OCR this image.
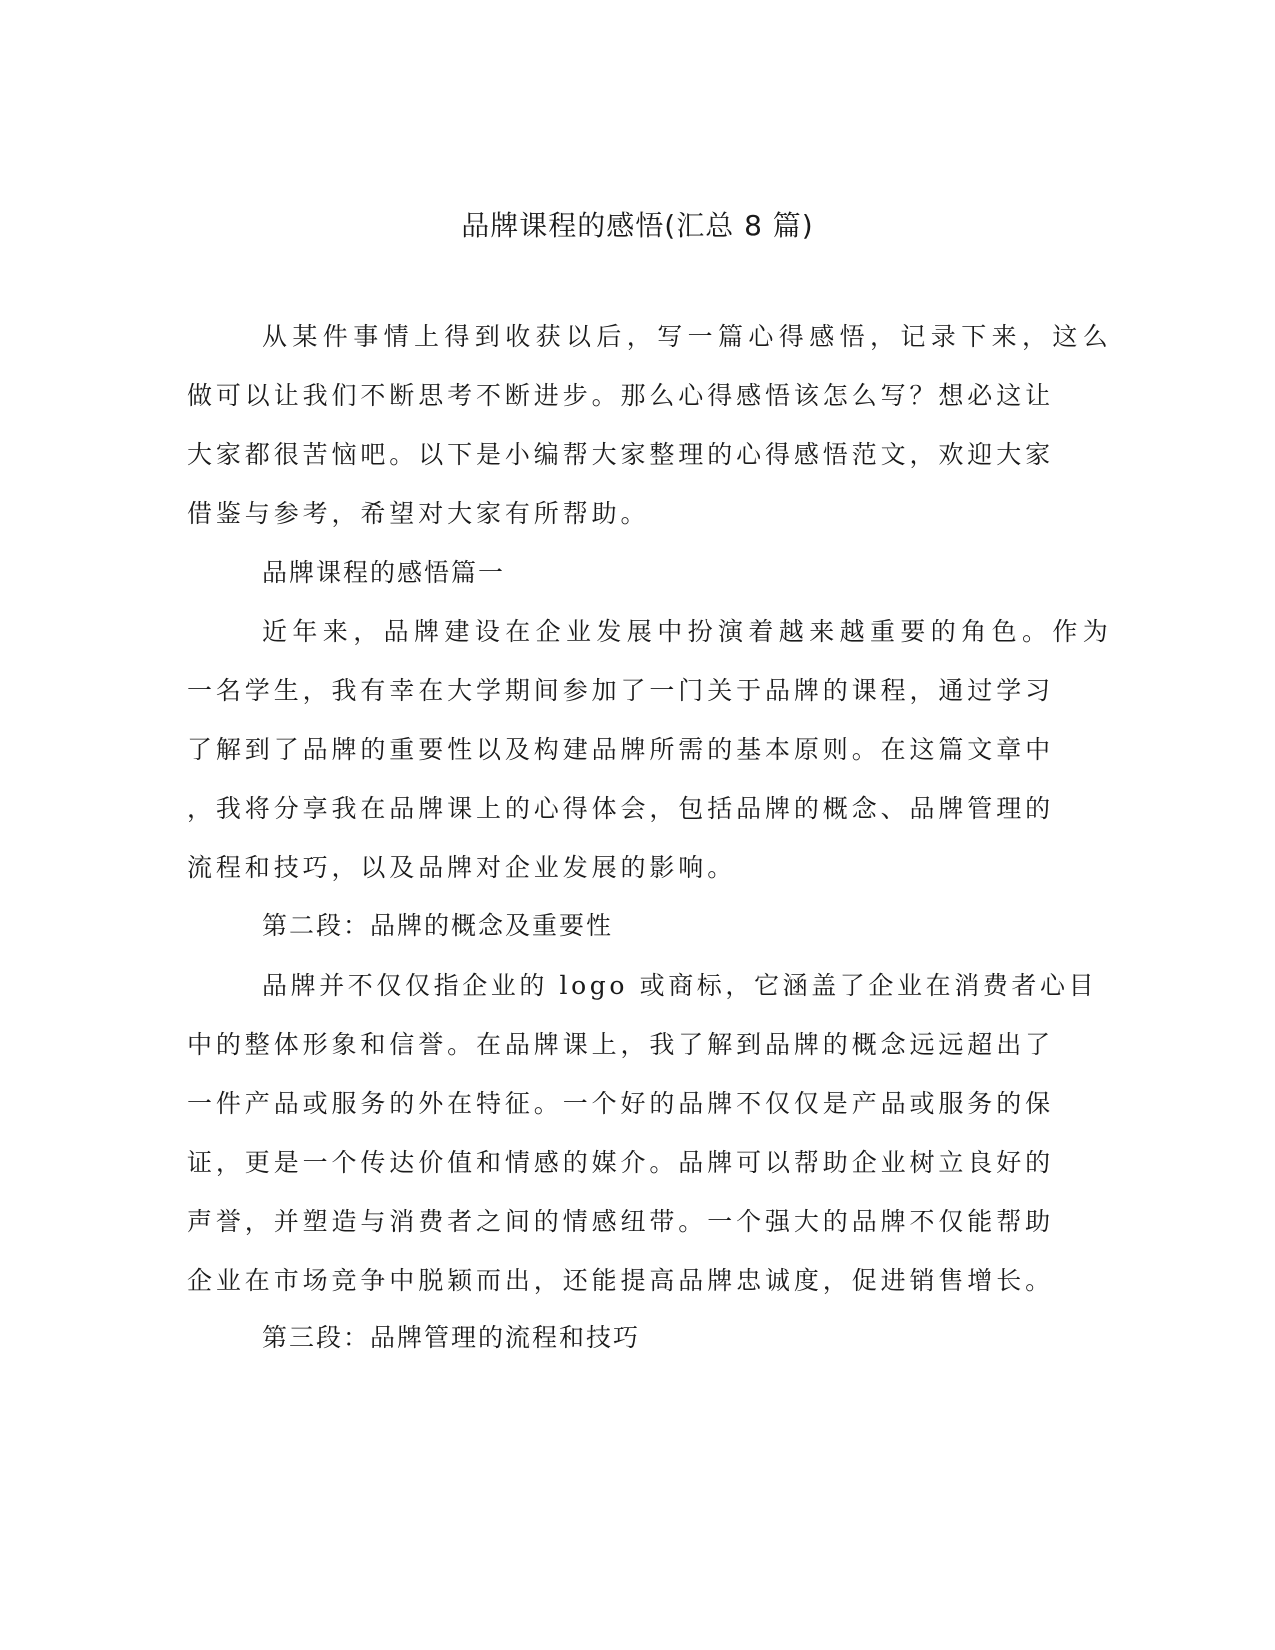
品牌课程的感悟(汇总 8 篇)

从某件事情上得到收获以后，写一篇心得感悟，记录下来，这么

做可以让我们不断思考不断进步。那么心得感悟该怎么写？想必这让

大家都很苦恼吧。以下是小编帮大家整理的心得感悟范文，欢迎大家

借鉴与参考，希望对大家有所帮助。

品牌课程的感悟篇一

近年来，品牌建设在企业发展中扮演着越来越重要的角色。作为

一名学生，我有幸在大学期间参加了一门关于品牌的课程，通过学习

了解到了品牌的重要性以及构建品牌所需的基本原则。在这篇文章中

，我将分享我在品牌课上的心得体会，包括品牌的概念、品牌管理的

流程和技巧，以及品牌对企业发展的影响。

第二段：品牌的概念及重要性

品牌并不仅仅指企业的 logo 或商标，它涵盖了企业在消费者心目

中的整体形象和信誉。在品牌课上，我了解到品牌的概念远远超出了

一件产品或服务的外在特征。一个好的品牌不仅仅是产品或服务的保

证，更是一个传达价值和情感的媒介。品牌可以帮助企业树立良好的

声誉，并塑造与消费者之间的情感纽带。一个强大的品牌不仅能帮助

企业在市场竞争中脱颖而出，还能提高品牌忠诚度，促进销售增长。

第三段：品牌管理的流程和技巧
